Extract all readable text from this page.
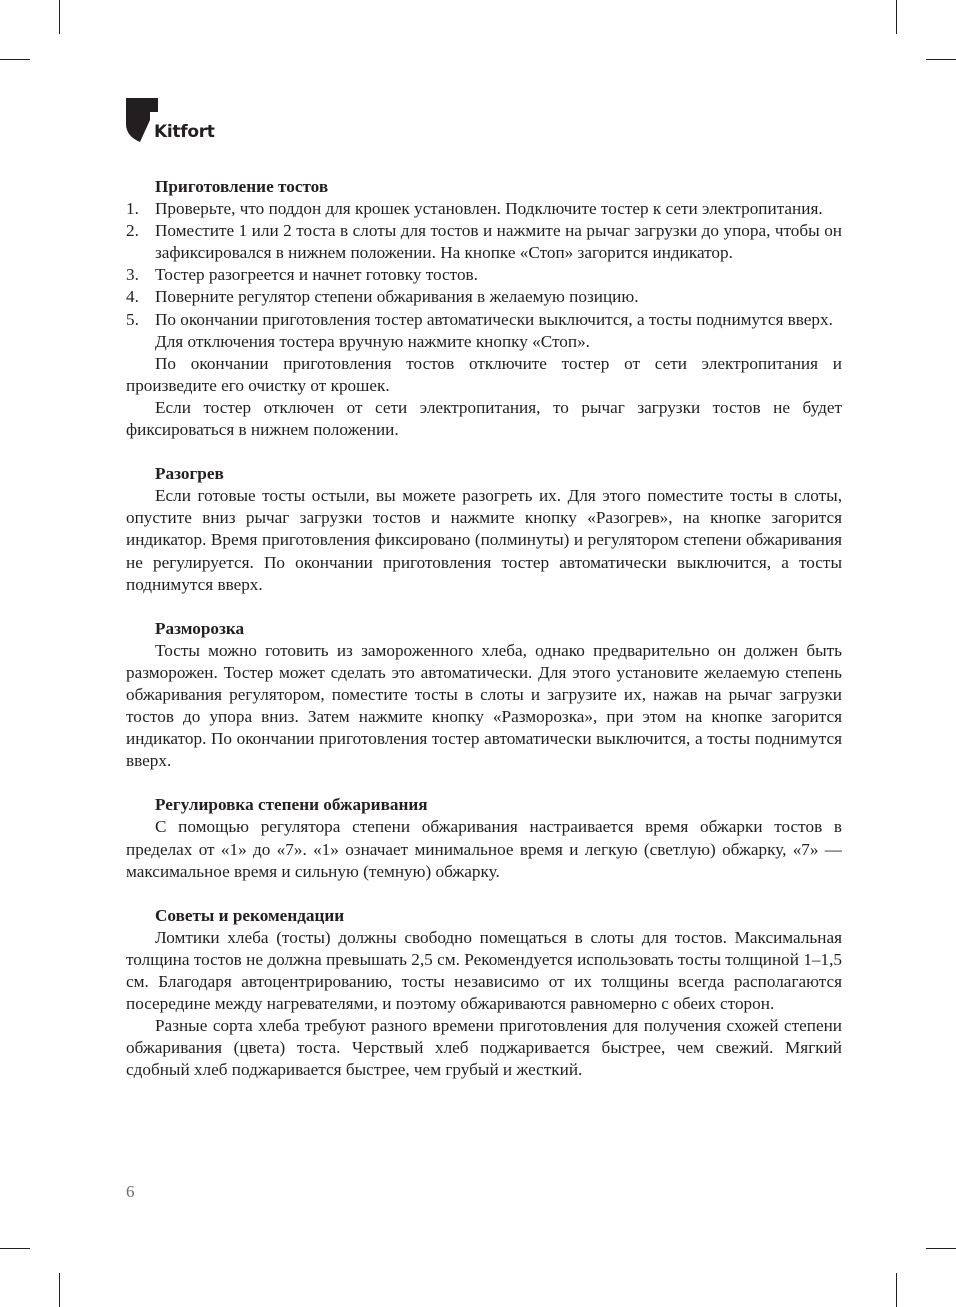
Kitfort
Приготовление тостов
1. Проверьте, что поддон для крошек установлен. Подключите тостер к сети электропитания.
2. Поместите 1 или 2 тоста в слоты для тостов и нажмите на рычаг загрузки до упора, чтобы он зафиксировался в нижнем положении. На кнопке «Стоп» загорится индикатор.
3. Тостер разогреется и начнет готовку тостов.
4. Поверните регулятор степени обжаривания в желаемую позицию.
5. По окончании приготовления тостер автоматически выключится, а тосты поднимутся вверх.
Для отключения тостера вручную нажмите кнопку «Стоп».
По окончании приготовления тостов отключите тостер от сети электропитания и произведите его очистку от крошек.
Если тостер отключен от сети электропитания, то рычаг загрузки тостов не будет фиксироваться в нижнем положении.
Разогрев
Если готовые тосты остыли, вы можете разогреть их. Для этого поместите тосты в слоты, опустите вниз рычаг загрузки тостов и нажмите кнопку «Разогрев», на кнопке загорится индикатор. Время приготовления фиксировано (полминуты) и регулятором степени обжаривания не регулируется. По окончании приготовления тостер автоматически выключится, а тосты поднимутся вверх.
Разморозка
Тосты можно готовить из замороженного хлеба, однако предварительно он должен быть разморожен. Тостер может сделать это автоматически. Для этого установите желаемую степень обжаривания регулятором, поместите тосты в слоты и загрузите их, нажав на рычаг загрузки тостов до упора вниз. Затем нажмите кнопку «Разморозка», при этом на кнопке загорится индикатор. По окончании приготовления тостер автоматически выключится, а тосты поднимутся вверх.
Регулировка степени обжаривания
С помощью регулятора степени обжаривания настраивается время обжарки тостов в пределах от «1» до «7». «1» означает минимальное время и легкую (светлую) обжарку, «7» — максимальное время и сильную (темную) обжарку.
Советы и рекомендации
Ломтики хлеба (тосты) должны свободно помещаться в слоты для тостов. Максимальная толщина тостов не должна превышать 2,5 см. Рекомендуется использовать тосты толщиной 1–1,5 см. Благодаря автоцентрированию, тосты независимо от их толщины всегда располагаются посередине между нагревателями, и поэтому обжариваются равномерно с обеих сторон.
Разные сорта хлеба требуют разного времени приготовления для получения схожей степени обжаривания (цвета) тоста. Черствый хлеб поджаривается быстрее, чем свежий. Мягкий сдобный хлеб поджаривается быстрее, чем грубый и жесткий.
6
